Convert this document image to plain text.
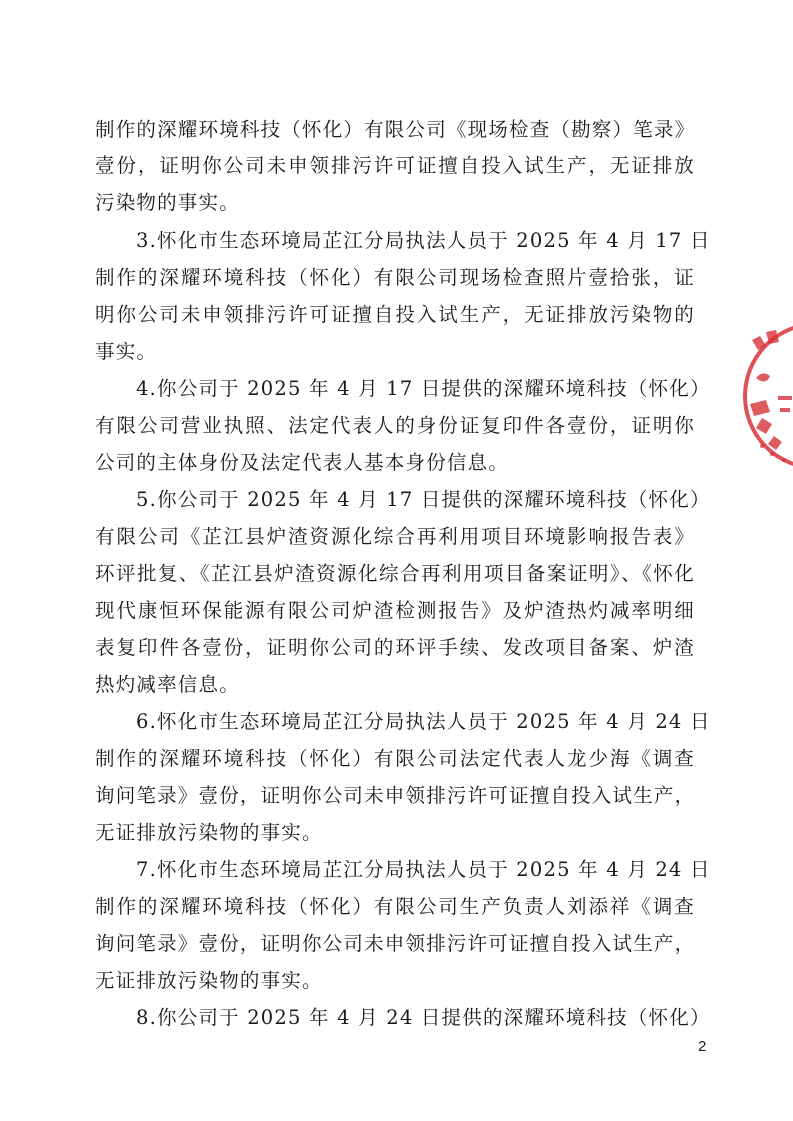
制作的深耀环境科技（怀化）有限公司《现场检查（勘察）笔录》
壹份，证明你公司未申领排污许可证擅自投入试生产，无证排放
污染物的事实。
3.怀化市生态环境局芷江分局执法人员于 2025 年 4 月 17 日
制作的深耀环境科技（怀化）有限公司现场检查照片壹拾张，证
明你公司未申领排污许可证擅自投入试生产，无证排放污染物的
事实。
4.你公司于 2025 年 4 月 17 日提供的深耀环境科技（怀化）
有限公司营业执照、法定代表人的身份证复印件各壹份，证明你
公司的主体身份及法定代表人基本身份信息。
5.你公司于 2025 年 4 月 17 日提供的深耀环境科技（怀化）
有限公司《芷江县炉渣资源化综合再利用项目环境影响报告表》
环评批复、《芷江县炉渣资源化综合再利用项目备案证明》、《怀化
现代康恒环保能源有限公司炉渣检测报告》及炉渣热灼减率明细
表复印件各壹份，证明你公司的环评手续、发改项目备案、炉渣
热灼减率信息。
6.怀化市生态环境局芷江分局执法人员于 2025 年 4 月 24 日
制作的深耀环境科技（怀化）有限公司法定代表人龙少海《调查
询问笔录》壹份，证明你公司未申领排污许可证擅自投入试生产，
无证排放污染物的事实。
7.怀化市生态环境局芷江分局执法人员于 2025 年 4 月 24 日
制作的深耀环境科技（怀化）有限公司生产负责人刘添祥《调查
询问笔录》壹份，证明你公司未申领排污许可证擅自投入试生产，
无证排放污染物的事实。
8.你公司于 2025 年 4 月 24 日提供的深耀环境科技（怀化）
2
